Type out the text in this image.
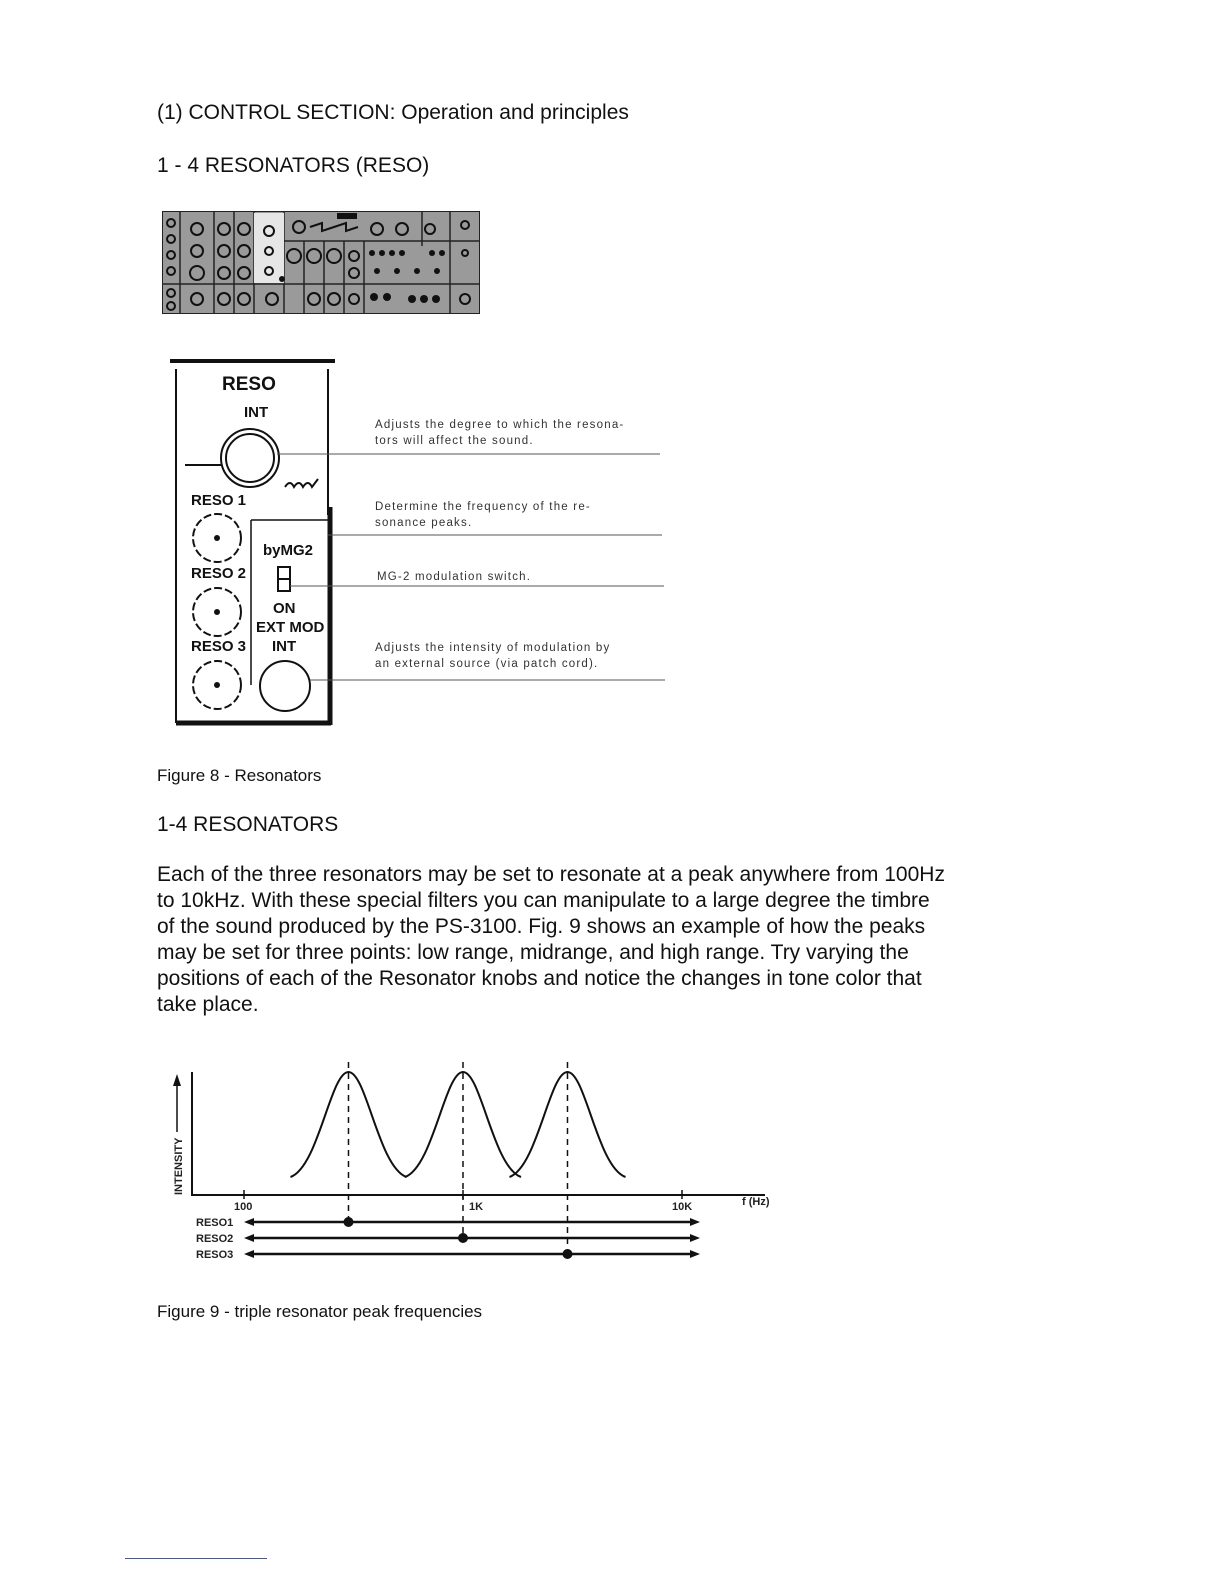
(1) CONTROL SECTION: Operation and principles
1 - 4 RESONATORS (RESO)
RESO
INT
RESO 1
RESO 2
RESO 3
byMG2
ON
EXT MOD
INT
Adjusts the degree to which the resona-
tors will affect the sound.
Determine the frequency of the re-
sonance peaks.
MG-2 modulation switch.
Adjusts the intensity of modulation by
an external source (via patch cord).
Figure 8 - Resonators
1-4 RESONATORS
Each of the three resonators may be set to resonate at a peak anywhere from 100Hz
to 10kHz. With these special filters you can manipulate to a large degree the timbre
of the sound produced by the PS-3100. Fig. 9 shows an example of how the peaks
may be set for three points: low range, midrange, and high range. Try varying the
positions of each of the Resonator knobs and notice the changes in tone color that
take place.
INTENSITY
100	1K	10K
RESO1
RESO2
RESO3
f (Hz)
Figure 9 - triple resonator peak frequencies
